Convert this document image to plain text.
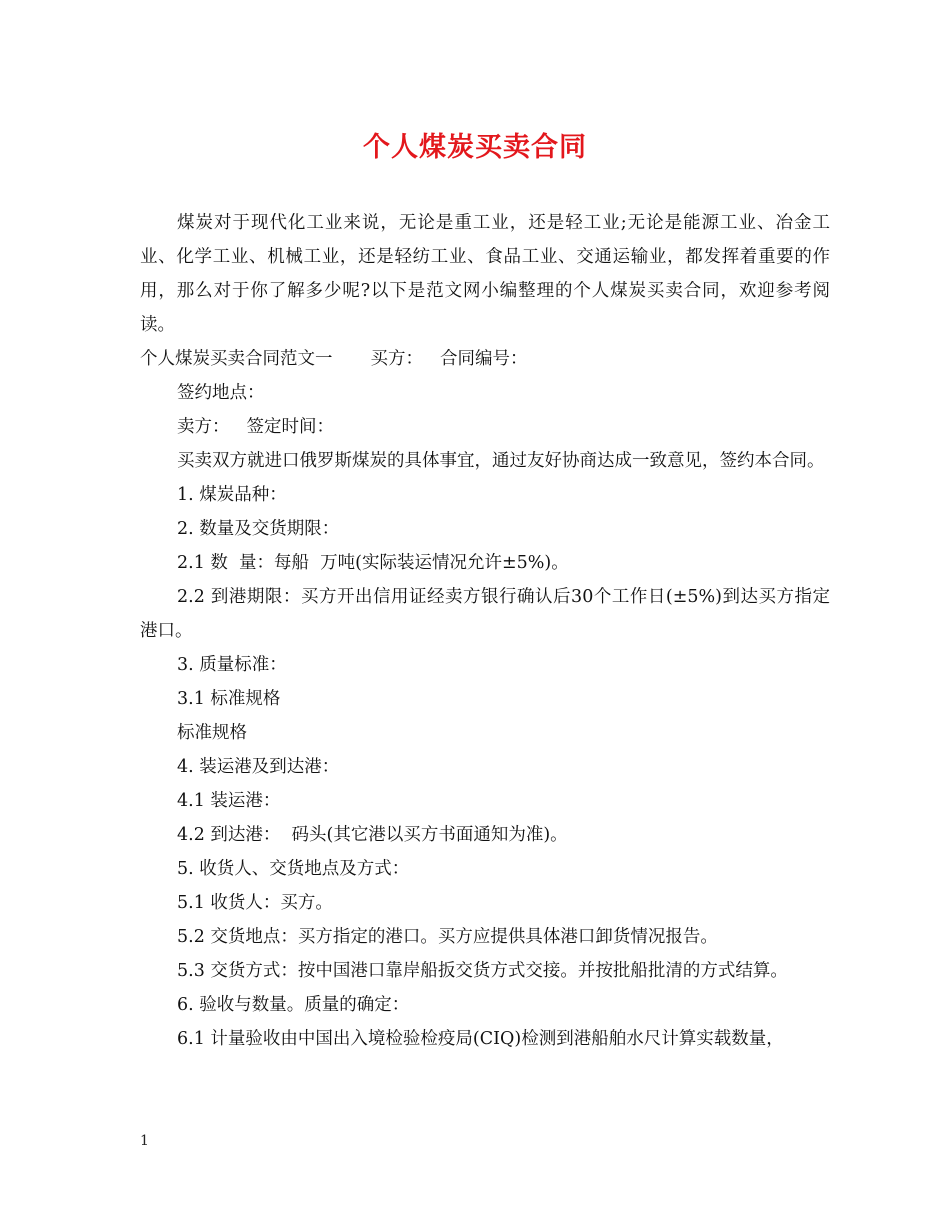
个人煤炭买卖合同

煤炭对于现代化工业来说，无论是重工业，还是轻工业;无论是能源工业、冶金工业、化学工业、机械工业，还是轻纺工业、食品工业、交通运输业，都发挥着重要的作用，那么对于你了解多少呢?以下是范文网小编整理的个人煤炭买卖合同，欢迎参考阅读。

个人煤炭买卖合同范文一 买方： 合同编号：

签约地点：

卖方： 签定时间：

买卖双方就进口俄罗斯煤炭的具体事宜，通过友好协商达成一致意见，签约本合同。

1. 煤炭品种：

2. 数量及交货期限：

2.1 数  量：每船  万吨(实际装运情况允许±5%)。

2.2 到港期限：买方开出信用证经卖方银行确认后30个工作日(±5%)到达买方指定港口。

3. 质量标准：

3.1 标准规格

标准规格

4. 装运港及到达港：

4.1 装运港：

4.2 到达港：  码头(其它港以买方书面通知为准)。

5. 收货人、交货地点及方式：

5.1 收货人：买方。

5.2 交货地点：买方指定的港口。买方应提供具体港口卸货情况报告。

5.3 交货方式：按中国港口靠岸船扳交货方式交接。并按批船批清的方式结算。

6. 验收与数量。质量的确定：

6.1 计量验收由中国出入境检验检疫局(CIQ)检测到港船舶水尺计算实载数量，

1
